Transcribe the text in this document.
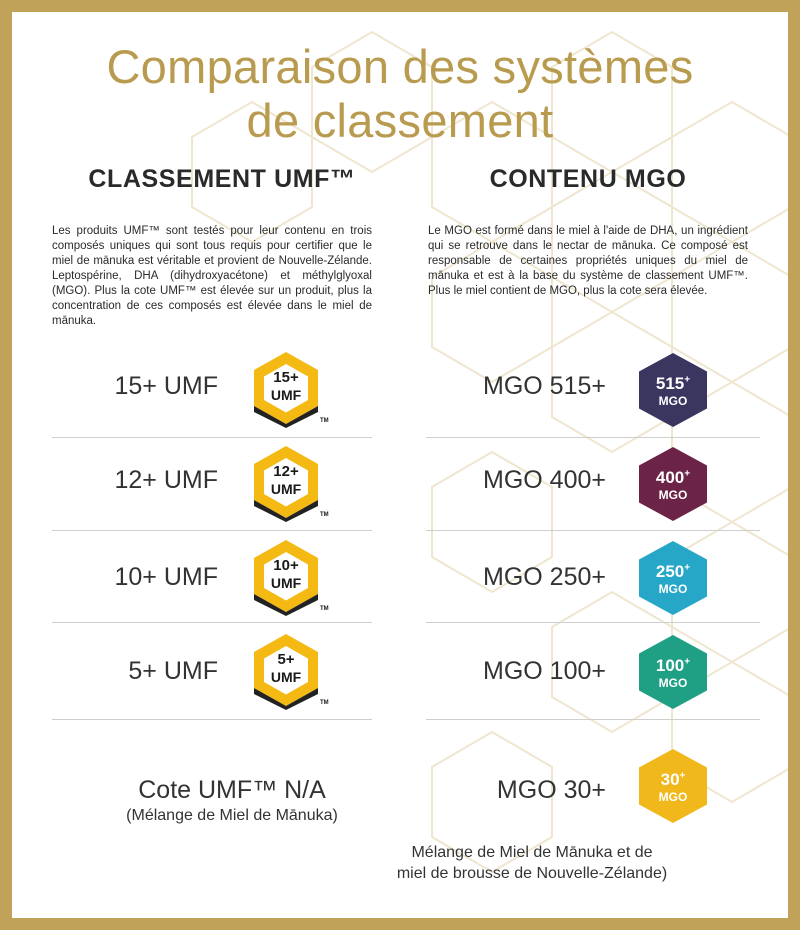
Comparaison des systèmes
de classement
CLASSEMENT UMF™	CONTENU MGO
Les produits UMF™ sont testés pour leur contenu en trois composés uniques qui sont tous requis pour certifier que le miel de mānuka est véritable et provient de Nouvelle-Zélande. Leptospérine, DHA (dihydroxyacétone) et méthylglyoxal (MGO). Plus la cote UMF™ est élevée sur un produit, plus la concentration de ces composés est élevée dans le miel de mānuka.
Le MGO est formé dans le miel à l'aide de DHA, un ingrédient qui se retrouve dans le nectar de mānuka. Ce composé est responsable de certaines propriétés uniques du miel de mānuka et est à la base du système de classement UMF™. Plus le miel contient de MGO, plus la cote sera élevée.
15+ UMF
12+ UMF
10+ UMF
5+ UMF
15+
UMF
TM
12+
UMF
TM
10+
UMF
TM
5+
UMF
TM
Cote UMF™ N/A
(Mélange de Miel de Mānuka)
MGO 515+
MGO 400+
MGO 250+
MGO 100+
MGO 30+
515+
MGO
400+
MGO
250+
MGO
100+
MGO
30+
MGO
Mélange de Miel de Mānuka et de
miel de brousse de Nouvelle-Zélande)
